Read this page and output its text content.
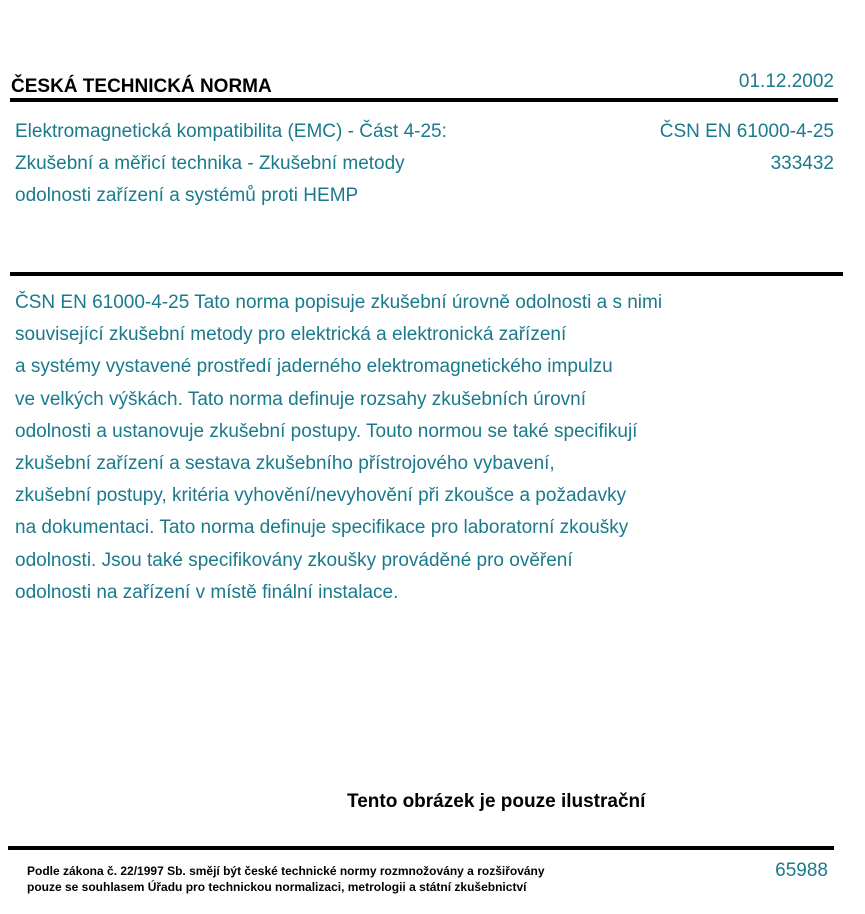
ČESKÁ TECHNICKÁ NORMA	01.12.2002
Elektromagnetická kompatibilita (EMC) - Část 4-25:
Zkušební a měřicí technika - Zkušební metody
odolnosti zařízení a systémů proti HEMP
ČSN EN 61000-4-25
333432
ČSN EN 61000-4-25 Tato norma popisuje zkušební úrovně odolnosti a s nimi
související zkušební metody pro elektrická a elektronická zařízení
a systémy vystavené prostředí jaderného elektromagnetického impulzu
ve velkých výškách. Tato norma definuje rozsahy zkušebních úrovní
odolnosti a ustanovuje zkušební postupy. Touto normou se také specifikují
zkušební zařízení a sestava zkušebního přístrojového vybavení,
zkušební postupy, kritéria vyhovění/nevyhovění při zkoušce a požadavky
na dokumentaci. Tato norma definuje specifikace pro laboratorní zkoušky
odolnosti. Jsou také specifikovány zkoušky prováděné pro ověření
odolnosti na zařízení v místě finální instalace.
Tento obrázek je pouze ilustrační
Podle zákona č. 22/1997 Sb. smějí být české technické normy rozmnožovány a rozšiřovány
pouze se souhlasem Úřadu pro technickou normalizaci, metrologii a státní zkušebnictví
65988
